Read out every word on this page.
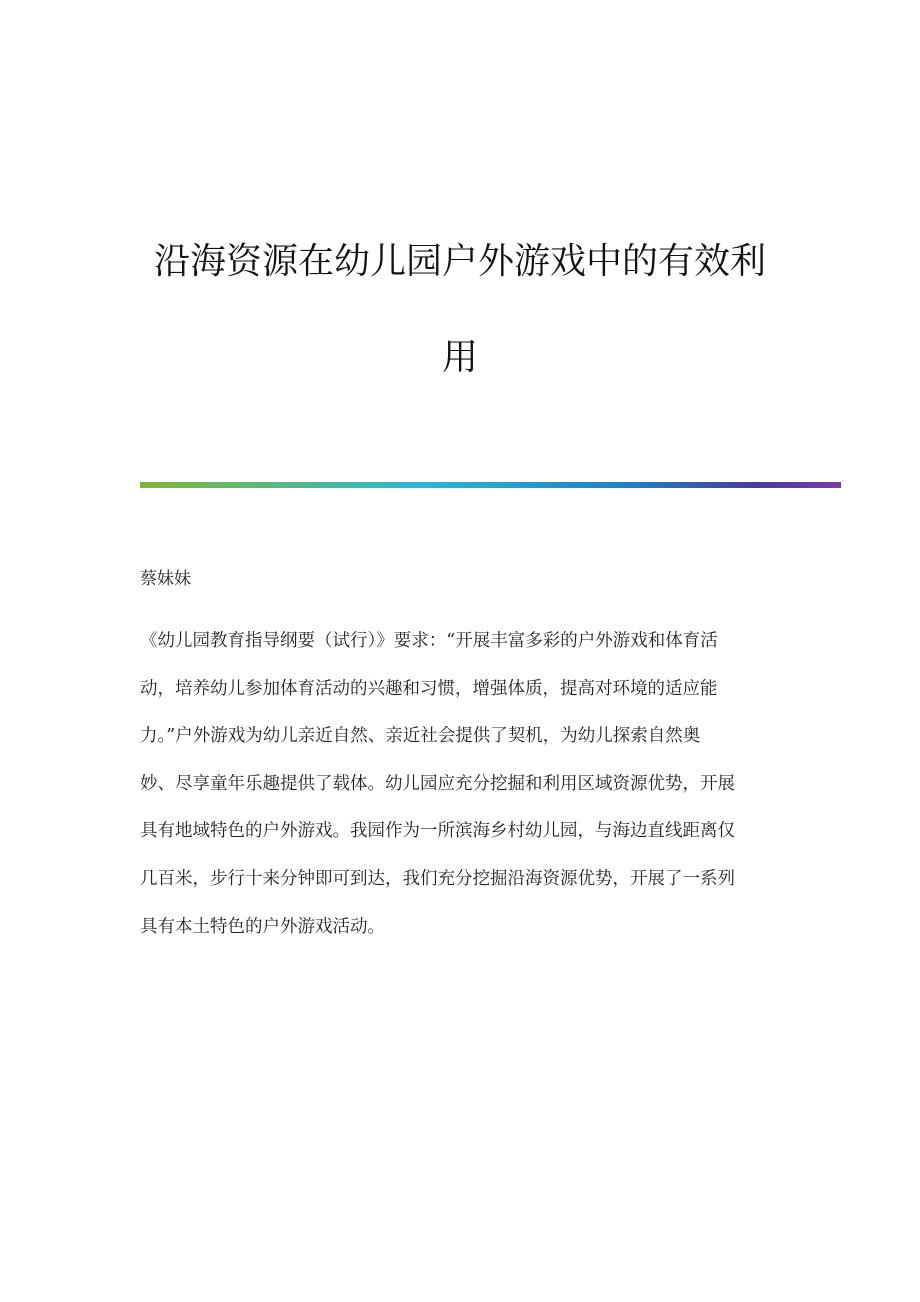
沿海资源在幼儿园户外游戏中的有效利
用
蔡妹妹

《幼儿园教育指导纲要（试行）》要求：“开展丰富多彩的户外游戏和体育活
动，培养幼儿参加体育活动的兴趣和习惯，增强体质，提高对环境的适应能
力。”户外游戏为幼儿亲近自然、亲近社会提供了契机，为幼儿探索自然奥
妙、尽享童年乐趣提供了载体。幼儿园应充分挖掘和利用区域资源优势，开展
具有地域特色的户外游戏。我园作为一所滨海乡村幼儿园，与海边直线距离仅
几百米，步行十来分钟即可到达，我们充分挖掘沿海资源优势，开展了一系列
具有本土特色的户外游戏活动。
